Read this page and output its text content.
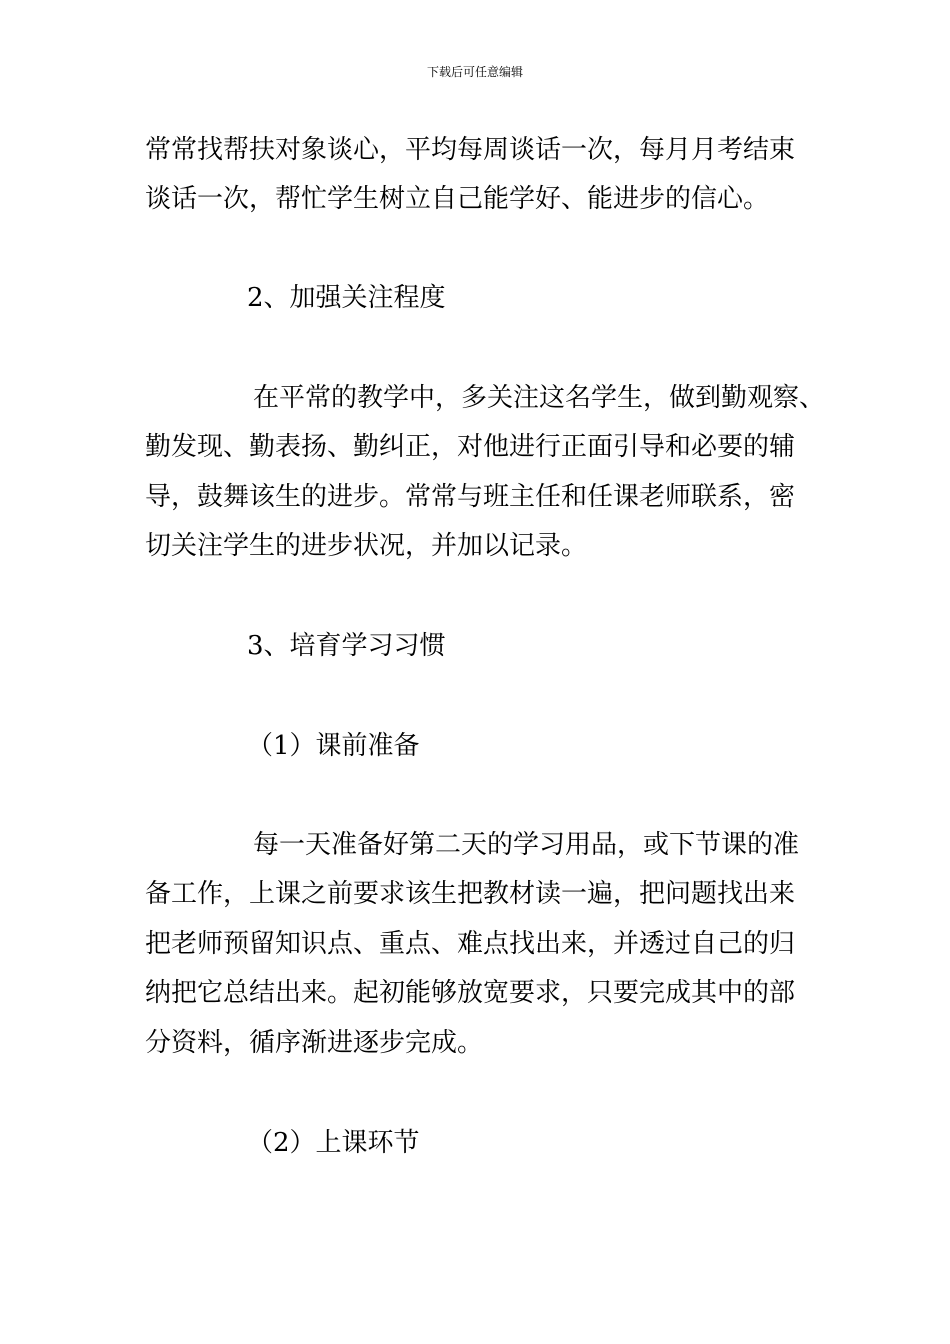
下载后可任意编辑
常常找帮扶对象谈心，平均每周谈话一次，每月月考结束
谈话一次，帮忙学生树立自己能学好、能进步的信心。
2、加强关注程度
在平常的教学中，多关注这名学生，做到勤观察、
勤发现、勤表扬、勤纠正，对他进行正面引导和必要的辅
导，鼓舞该生的进步。常常与班主任和任课老师联系，密
切关注学生的进步状况，并加以记录。
3、培育学习习惯
（1）课前准备
每一天准备好第二天的学习用品，或下节课的准
备工作，上课之前要求该生把教材读一遍，把问题找出来
把老师预留知识点、重点、难点找出来，并透过自己的归
纳把它总结出来。起初能够放宽要求，只要完成其中的部
分资料，循序渐进逐步完成。
（2）上课环节
